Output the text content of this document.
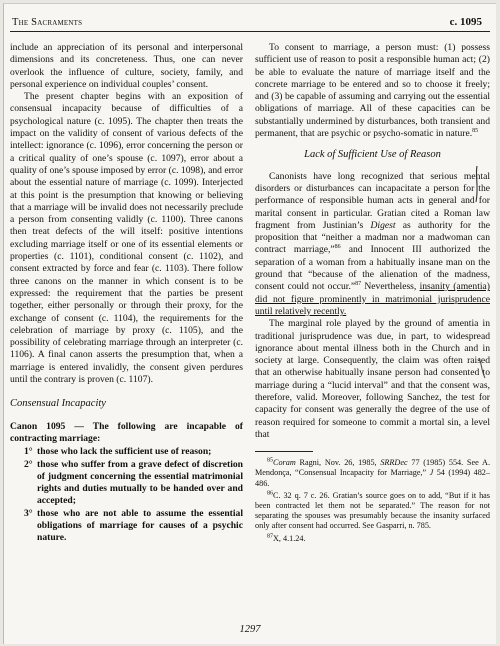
The Sacraments	c. 1095

include an appreciation of its personal and interpersonal dimensions and its concreteness. Thus, one can never overlook the influence of culture, society, family, and personal experience on individual couples’ consent.

The present chapter begins with an exposition of consensual incapacity because of difficulties of a psychological nature (c. 1095). The chapter then treats the impact on the validity of consent of various defects of the intellect: ignorance (c. 1096), error concerning the person or a critical quality of one’s spouse (c. 1097), error about a quality of one’s spouse imposed by error (c. 1098), and error about the essential nature of marriage (c. 1099). Interjected at this point is the presumption that knowing or believing that a marriage will be invalid does not necessarily preclude a person from consenting validly (c. 1100). Three canons then treat defects of the will itself: positive intentions excluding marriage itself or one of its essential elements or properties (c. 1101), conditional consent (c. 1102), and consent extracted by force and fear (c. 1103). There follow three canons on the manner in which consent is to be expressed: the requirement that the parties be present together, either personally or through their proxy, for the exchange of consent (c. 1104), the requirements for the celebration of marriage by proxy (c. 1105), and the possibility of celebrating marriage through an interpreter (c. 1106). A final canon asserts the presumption that, when a marriage is entered invalidly, the consent given perdures until the contrary is proven (c. 1107).

Consensual Incapacity
Canon 1095 — The following are incapable of contracting marriage:
1° those who lack the sufficient use of reason;
2° those who suffer from a grave defect of discretion of judgment concerning the essential matrimonial rights and duties mutually to be handed over and accepted;
3° those who are not able to assume the essential obligations of marriage for causes of a psychic nature.

To consent to marriage, a person must: (1) possess sufficient use of reason to posit a responsible human act; (2) be able to evaluate the nature of marriage itself and the concrete marriage to be entered and so to choose it freely; and (3) be capable of assuming and carrying out the essential obligations of marriage. All of these capacities can be substantially undermined by disturbances, both transient and permanent, that are psychic or psycho-somatic in nature.$^{85}$

Lack of Sufficient Use of Reason

Canonists have long recognized that serious mental disorders or disturbances can incapacitate a person for the performance of responsible human acts in general and for marital consent in particular. Gratian cited a Roman law fragment from Justinian’s Digest as authority for the proposition that “neither a madman nor a madwoman can contract marriage,”$^{86}$ and Innocent III authorized the separation of a woman from a habitually insane man on the ground that “because of the alienation of the madness, consent could not occur.”$^{87}$ Nevertheless, insanity (amentia) did not figure prominently in matrimonial jurisprudence until relatively recently.

The marginal role played by the ground of amentia in traditional jurisprudence was due, in part, to widespread ignorance about mental illness both in the Church and in society at large. Consequently, the claim was often raised that an otherwise habitually insane person had consented to marriage during a “lucid interval” and that the consent was, therefore, valid. Moreover, following Sanchez, the test for capacity for consent was generally the degree of the use of reason required for someone to commit a mortal sin, a level that

$^{85}$Coram Ragni, Nov. 26, 1985, SRRDec 77 (1985) 554. See A. Mendonça, “Consensual Incapacity for Marriage,” J 54 (1994) 482–486.
$^{86}$C. 32 q. 7 c. 26. Gratian’s source goes on to add, “But if it has been contracted let them not be separated.” The reason for not separating the spouses was presumably because the insanity surfaced only after consent had occurred. See Gasparri, n. 785.
$^{87}$X, 4.1.24.
1297
